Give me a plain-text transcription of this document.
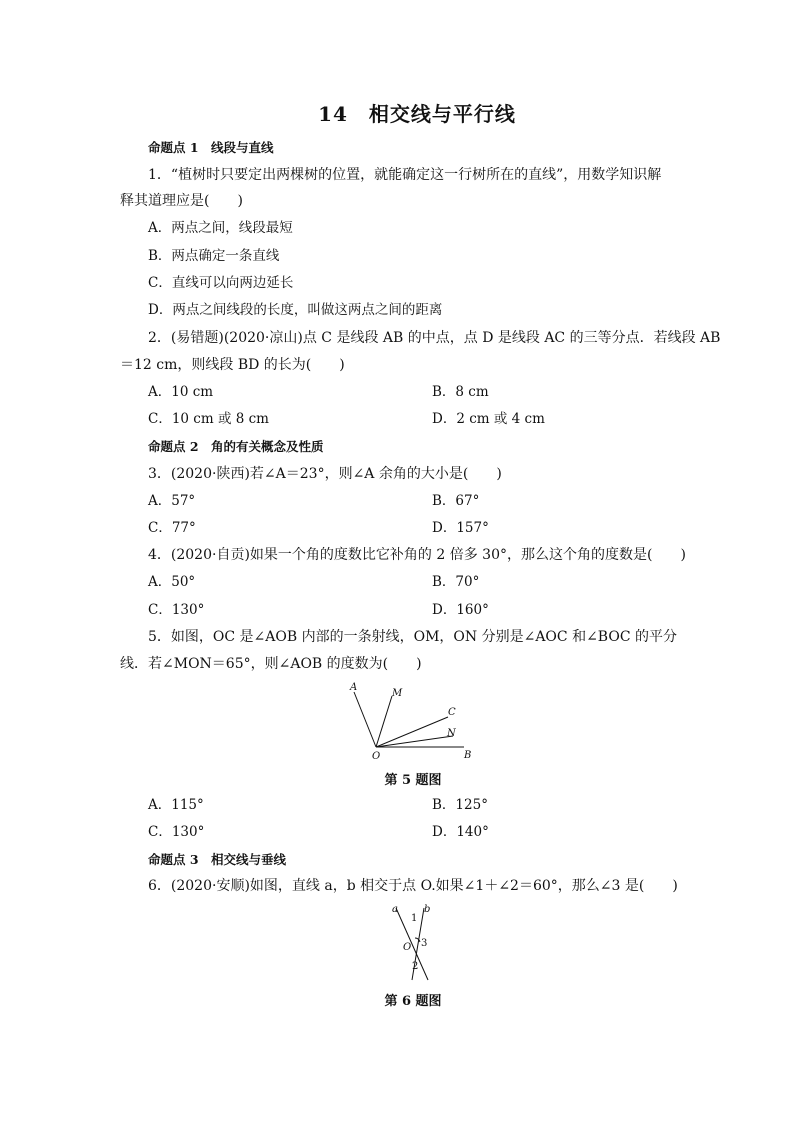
14　相交线与平行线
命题点 1　线段与直线
1．“植树时只要定出两棵树的位置，就能确定这一行树所在的直线”，用数学知识解
释其道理应是(　　)
A．两点之间，线段最短
B．两点确定一条直线
C．直线可以向两边延长
D．两点之间线段的长度，叫做这两点之间的距离
2．(易错题)(2020·凉山)点 C 是线段 AB 的中点，点 D 是线段 AC 的三等分点．若线段 AB
＝12 cm，则线段 BD 的长为(　　)
A．10 cm	B．8 cm
C．10 cm 或 8 cm	D．2 cm 或 4 cm
命题点 2　角的有关概念及性质
3．(2020·陕西)若∠A＝23°，则∠A 余角的大小是(　　)
A．57°	B．67°
C．77°	D．157°
4．(2020·自贡)如果一个角的度数比它补角的 2 倍多 30°，那么这个角的度数是(　　)
A．50°	B．70°
C．130°	D．160°
5．如图，OC 是∠AOB 内部的一条射线，OM，ON 分别是∠AOC 和∠BOC 的平分
线．若∠MON＝65°，则∠AOB 的度数为(　　)
A
M
C
N
O	B
第 5 题图
A．115°	B．125°
C．130°	D．140°
命题点 3　相交线与垂线
6．(2020·安顺)如图，直线 a，b 相交于点 O.如果∠1＋∠2＝60°，那么∠3 是(　　)
a	b
1
3
O
2
第 6 题图
